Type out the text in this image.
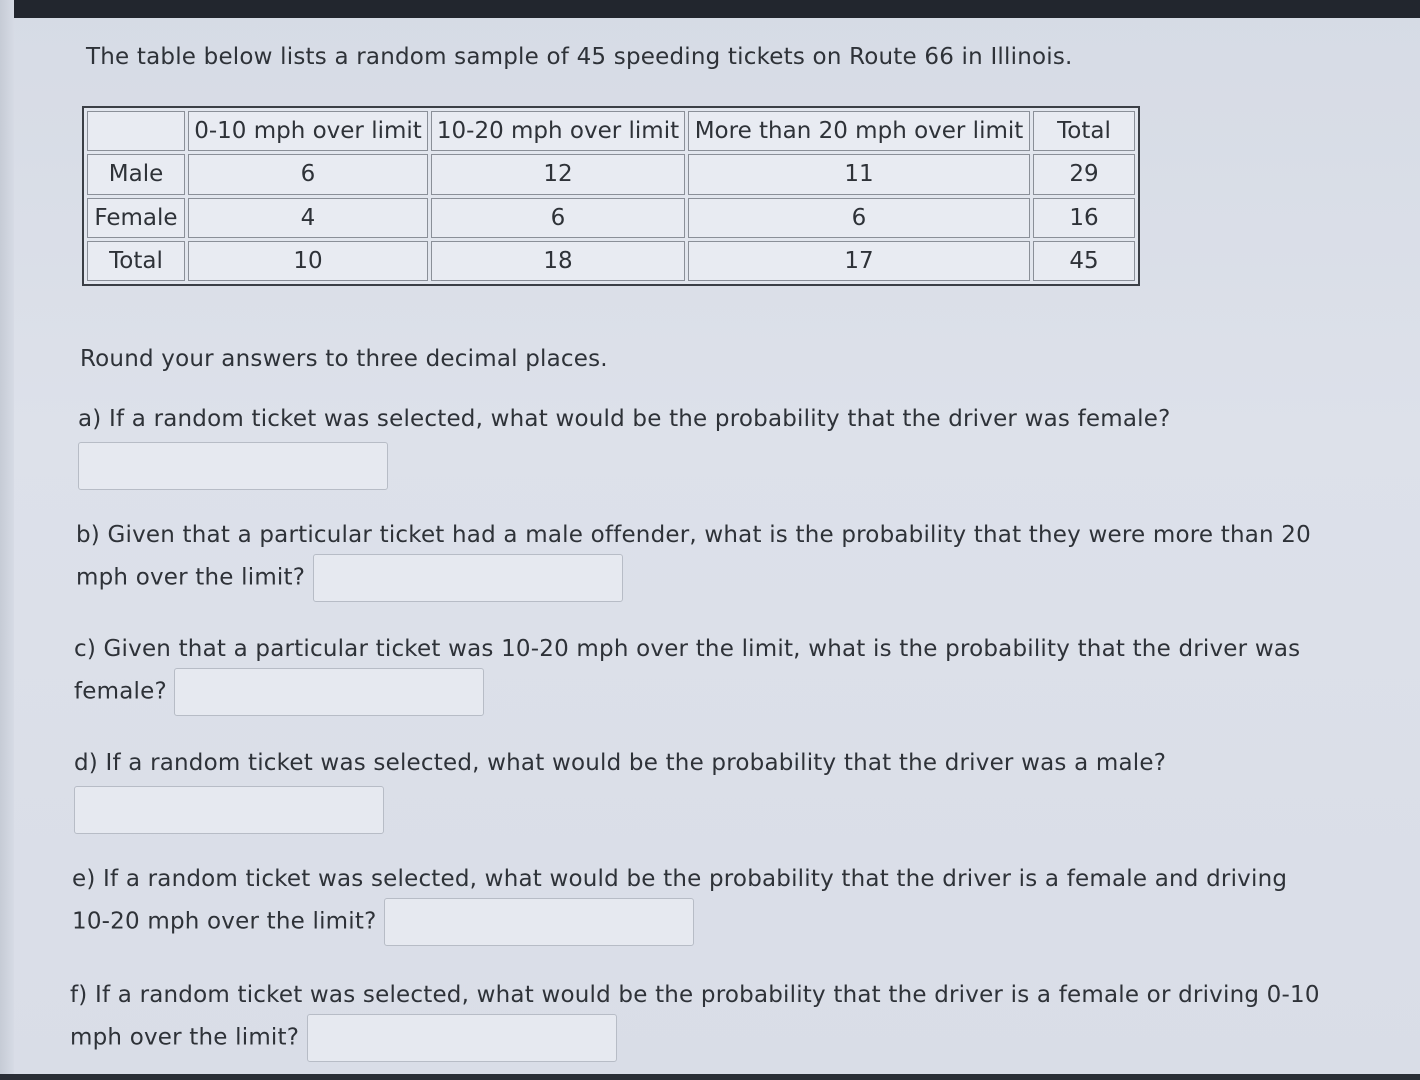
The table below lists a random sample of 45 speeding tickets on Route 66 in Illinois.
	0-10 mph over limit	10-20 mph over limit	More than 20 mph over limit	Total
Male	6	12	11	29
Female	4	6	6	16
Total	10	18	17	45
Round your answers to three decimal places.
a) If a random ticket was selected, what would be the probability that the driver was female?
b) Given that a particular ticket had a male offender, what is the probability that they were more than 20
mph over the limit?
c) Given that a particular ticket was 10-20 mph over the limit, what is the probability that the driver was
female?
d) If a random ticket was selected, what would be the probability that the driver was a male?
e) If a random ticket was selected, what would be the probability that the driver is a female and driving
10-20 mph over the limit?
f) If a random ticket was selected, what would be the probability that the driver is a female or driving 0-10
mph over the limit?
